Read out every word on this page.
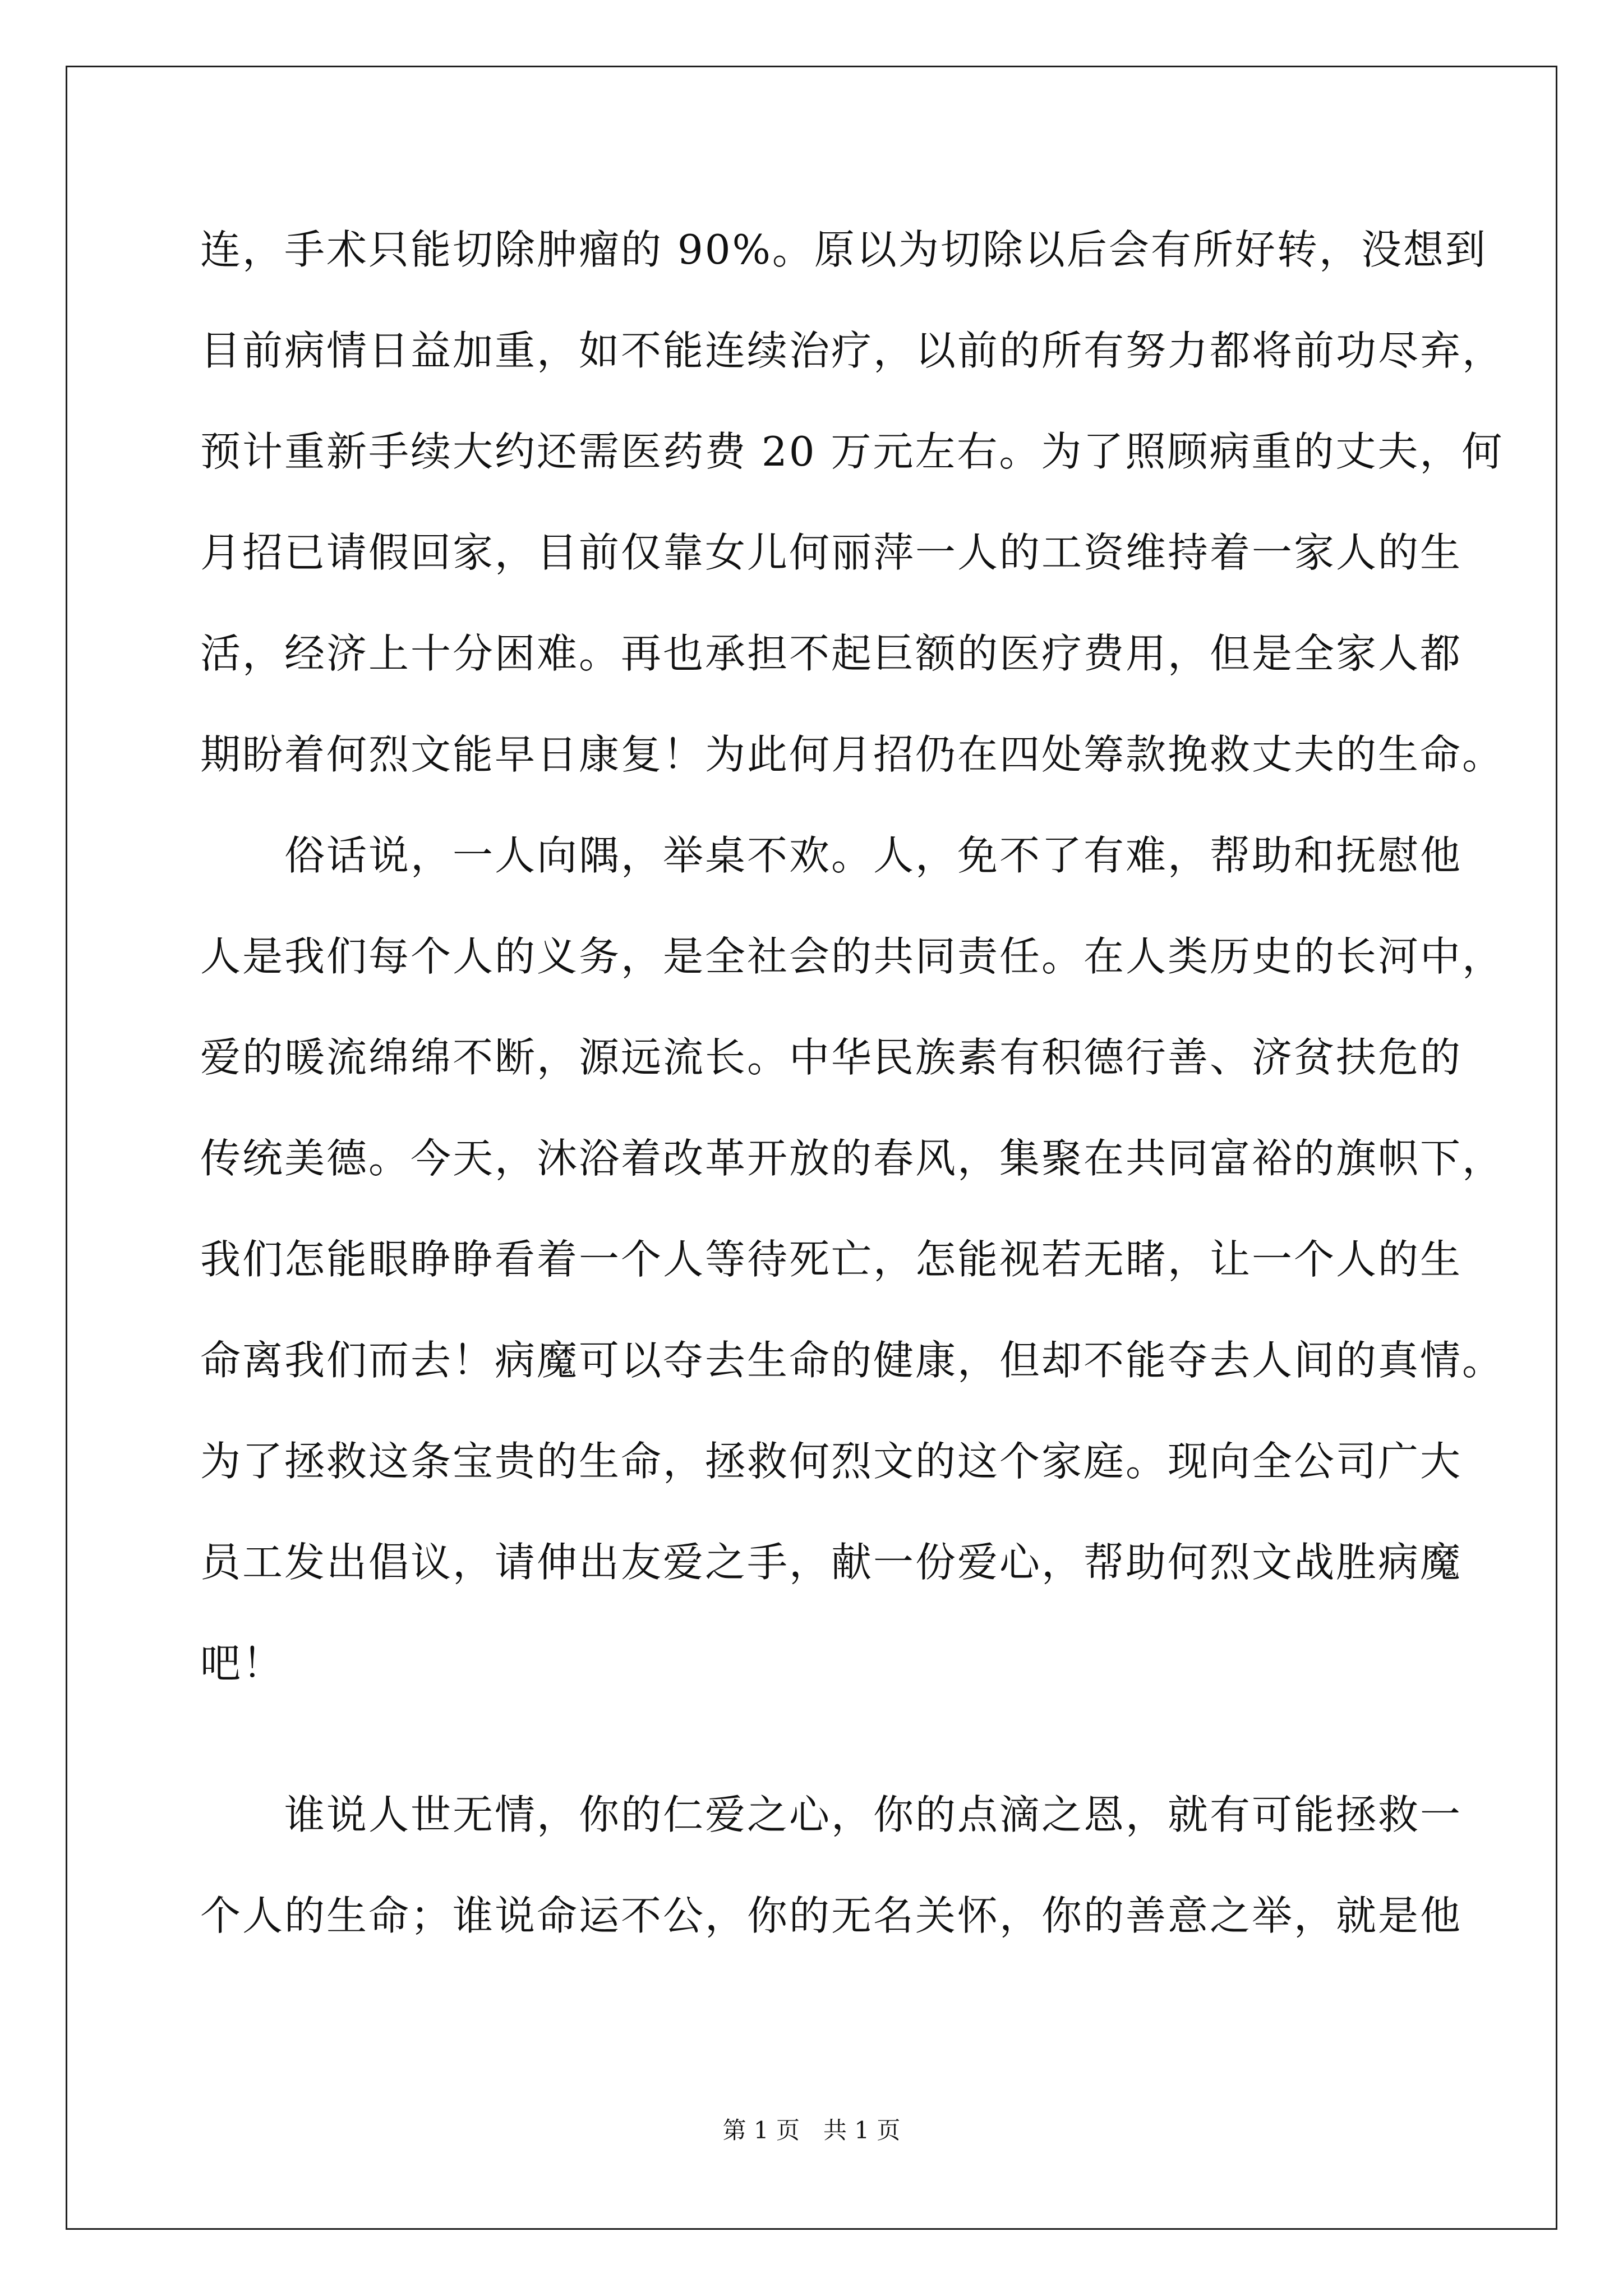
连，手术只能切除肿瘤的 90%。原以为切除以后会有所好转，没想到
目前病情日益加重，如不能连续治疗，以前的所有努力都将前功尽弃，
预计重新手续大约还需医药费 20 万元左右。为了照顾病重的丈夫，何
月招已请假回家，目前仅靠女儿何丽萍一人的工资维持着一家人的生
活，经济上十分困难。再也承担不起巨额的医疗费用，但是全家人都
期盼着何烈文能早日康复！为此何月招仍在四处筹款挽救丈夫的生命。
　　俗话说，一人向隅，举桌不欢。人，免不了有难，帮助和抚慰他
人是我们每个人的义务，是全社会的共同责任。在人类历史的长河中，
爱的暖流绵绵不断，源远流长。中华民族素有积德行善、济贫扶危的
传统美德。今天，沐浴着改革开放的春风，集聚在共同富裕的旗帜下，
我们怎能眼睁睁看着一个人等待死亡，怎能视若无睹，让一个人的生
命离我们而去！病魔可以夺去生命的健康，但却不能夺去人间的真情。
为了拯救这条宝贵的生命，拯救何烈文的这个家庭。现向全公司广大
员工发出倡议，请伸出友爱之手，献一份爱心，帮助何烈文战胜病魔
吧！
　　谁说人世无情，你的仁爱之心，你的点滴之恩，就有可能拯救一
个人的生命；谁说命运不公，你的无名关怀，你的善意之举，就是他
第 1 页　共 1 页
